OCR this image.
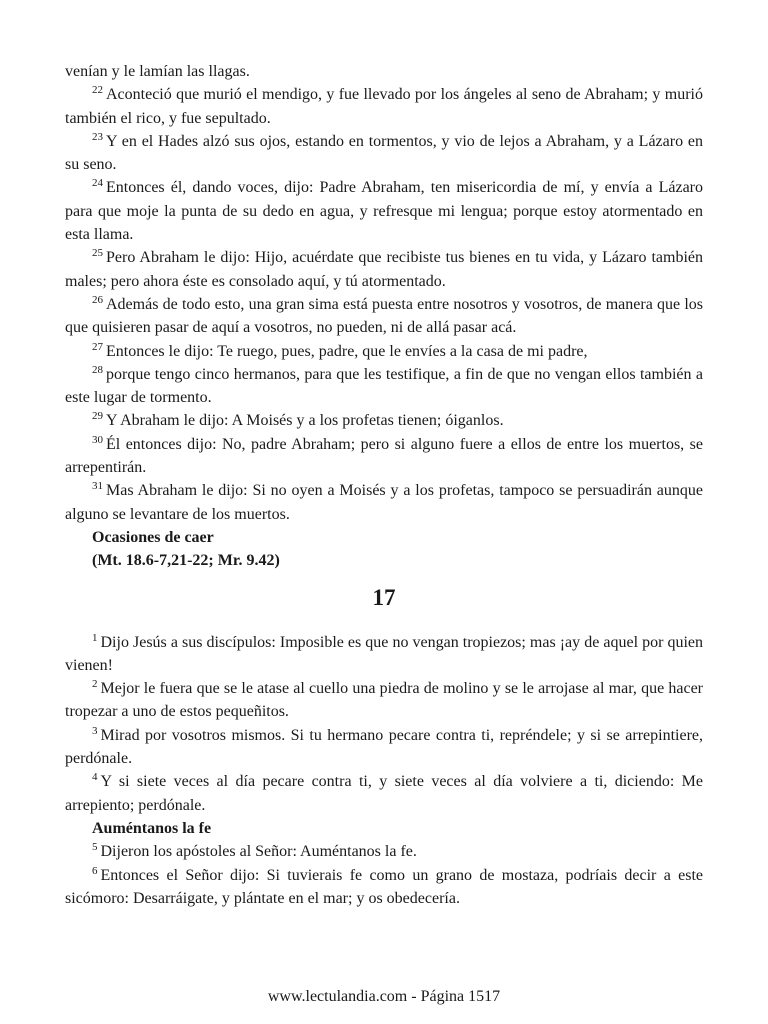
venían y le lamían las llagas.

$^{22}$ Aconteció que murió el mendigo, y fue llevado por los ángeles al seno de Abraham; y murió también el rico, y fue sepultado.

$^{23}$ Y en el Hades alzó sus ojos, estando en tormentos, y vio de lejos a Abraham, y a Lázaro en su seno.

$^{24}$ Entonces él, dando voces, dijo: Padre Abraham, ten misericordia de mí, y envía a Lázaro para que moje la punta de su dedo en agua, y refresque mi lengua; porque estoy atormentado en esta llama.

$^{25}$ Pero Abraham le dijo: Hijo, acuérdate que recibiste tus bienes en tu vida, y Lázaro también males; pero ahora éste es consolado aquí, y tú atormentado.

$^{26}$ Además de todo esto, una gran sima está puesta entre nosotros y vosotros, de manera que los que quisieren pasar de aquí a vosotros, no pueden, ni de allá pasar acá.

$^{27}$ Entonces le dijo: Te ruego, pues, padre, que le envíes a la casa de mi padre,

$^{28}$ porque tengo cinco hermanos, para que les testifique, a fin de que no vengan ellos también a este lugar de tormento.

$^{29}$ Y Abraham le dijo: A Moisés y a los profetas tienen; óiganlos.

$^{30}$ Él entonces dijo: No, padre Abraham; pero si alguno fuere a ellos de entre los muertos, se arrepentirán.

$^{31}$ Mas Abraham le dijo: Si no oyen a Moisés y a los profetas, tampoco se persuadirán aunque alguno se levantare de los muertos.

Ocasiones de caer

(Mt. 18.6-7,21-22; Mr. 9.42)

17

$^1$ Dijo Jesús a sus discípulos: Imposible es que no vengan tropiezos; mas ¡ay de aquel por quien vienen!

$^2$ Mejor le fuera que se le atase al cuello una piedra de molino y se le arrojase al mar, que hacer tropezar a uno de estos pequeñitos.

$^3$ Mirad por vosotros mismos. Si tu hermano pecare contra ti, repréndele; y si se arrepintiere, perdónale.

$^4$ Y si siete veces al día pecare contra ti, y siete veces al día volviere a ti, diciendo: Me arrepiento; perdónale.

Auméntanos la fe

$^5$ Dijeron los apóstoles al Señor: Auméntanos la fe.

$^6$ Entonces el Señor dijo: Si tuvierais fe como un grano de mostaza, podríais decir a este sicómoro: Desarráigate, y plántate en el mar; y os obedecería.

www.lectulandia.com - Página 1517
